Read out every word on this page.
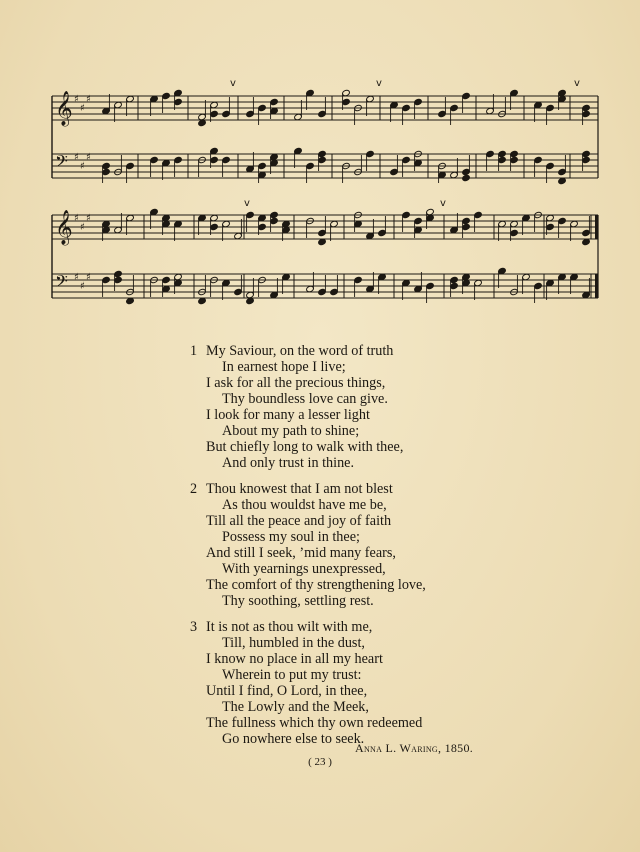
𝄞 ♯
♯
♯
𝄢 ♯
♯
♯
𝄞 ♯
♯
♯
𝄢 ♯
♯
♯
v	v	v
v	v
1 My Saviour, on the word of truth
In earnest hope I live;
I ask for all the precious things,
Thy boundless love can give.
I look for many a lesser light
About my path to shine;
But chiefly long to walk with thee,
And only trust in thine.
2 Thou knowest that I am not blest
As thou wouldst have me be,
Till all the peace and joy of faith
Possess my soul in thee;
And still I seek, ’mid many fears,
With yearnings unexpressed,
The comfort of thy strengthening love,
Thy soothing, settling rest.
3 It is not as thou wilt with me,
Till, humbled in the dust,
I know no place in all my heart
Wherein to put my trust:
Until I find, O Lord, in thee,
The Lowly and the Meek,
The fullness which thy own redeemed
Go nowhere else to seek.
Anna L. Waring, 1850.
( 23 )
